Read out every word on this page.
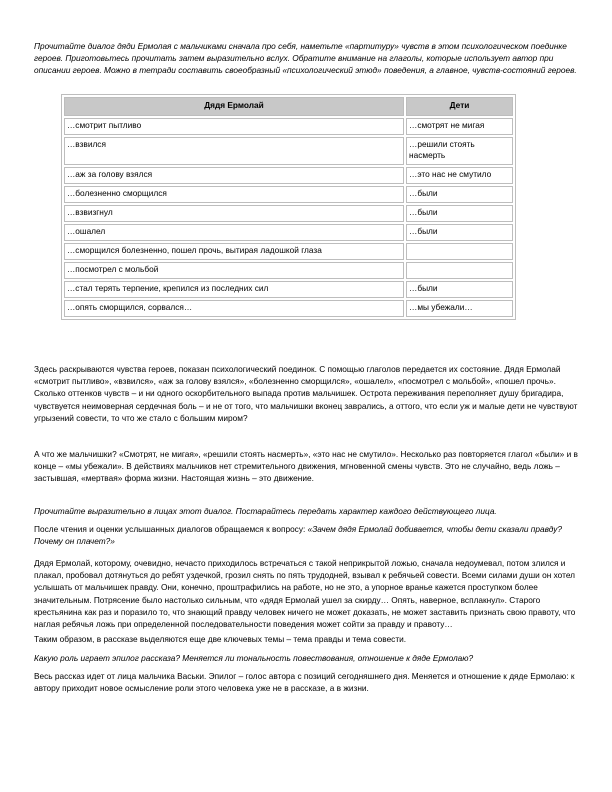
Прочитайте диалог дяди Ермолая с мальчиками сначала про себя, наметьте «партитуру» чувств в этом психологическом поединке героев. Приготовьтесь прочитать затем выразительно вслух. Обратите внимание на глаголы, которые использует автор при описании героев. Можно в тетради составить своеобразный «психологический этюд» поведения, а главное, чувств-состояний героев.

Дядя Ермолай	Дети
…смотрит пытливо	…смотрят не мигая
…взвился	…решили стоять насмерть
…аж за голову взялся	…это нас не смутило
…болезненно сморщился	…были
…взвизгнул	…были
…ошалел	…были
…сморщился болезненно, пошел прочь, вытирая ладошкой глаза	
…посмотрел с мольбой	
…стал терять терпение, крепился из последних сил	…были
…опять сморщился, сорвался…	…мы убежали…

Здесь раскрываются чувства героев, показан психологический поединок. С помощью глаголов передается их состояние. Дядя Ермолай «смотрит пытливо», «взвился», «аж за голову взялся», «болезненно сморщился», «ошалел», «посмотрел с мольбой», «пошел прочь». Сколько оттенков чувств – и ни одного оскорбительного выпада против мальчишек. Острота переживания переполняет душу бригадира, чувствуется неимоверная сердечная боль – и не от того, что мальчишки вконец заврались, а оттого, что если уж и малые дети не чувствуют угрызений совести, то что же стало с большим миром?

А что же мальчишки? «Смотрят, не мигая», «решили стоять насмерть», «это нас не смутило». Несколько раз повторяется глагол «были» и в конце – «мы убежали». В действиях мальчиков нет стремительного движения, мгновенной смены чувств. Это не случайно, ведь ложь – застывшая, «мертвая» форма жизни. Настоящая жизнь – это движение.

Прочитайте выразительно в лицах этот диалог. Постарайтесь передать характер каждого действующего лица.

После чтения и оценки услышанных диалогов обращаемся к вопросу: «Зачем дядя Ермолай добивается, чтобы дети сказали правду? Почему он плачет?»

Дядя Ермолай, которому, очевидно, нечасто приходилось встречаться с такой неприкрытой ложью, сначала недоумевал, потом злился и плакал, пробовал дотянуться до ребят уздечкой, грозил снять по пять трудодней, взывал к ребячьей совести. Всеми силами души он хотел услышать от мальчишек правду. Они, конечно, проштрафились на работе, но не это, а упорное вранье кажется проступком более значительным. Потрясение было настолько сильным, что «дядя Ермолай ушел за скирду… Опять, наверное, всплакнул». Старого крестьянина как раз и поразило то, что знающий правду человек ничего не может доказать, не может заставить признать свою правоту, что наглая ребячья ложь при определенной последовательности поведения может сойти за правду и правоту…

Таким образом, в рассказе выделяются еще две ключевых темы – тема правды и тема совести.

Какую роль играет эпилог рассказа? Меняется ли тональность повествования, отношение к дяде Ермолаю?

Весь рассказ идет от лица мальчика Васьки. Эпилог – голос автора с позиций сегодняшнего дня. Меняется и отношение к дяде Ермолаю: к автору приходит новое осмысление роли этого человека уже не в рассказе, а в жизни.
